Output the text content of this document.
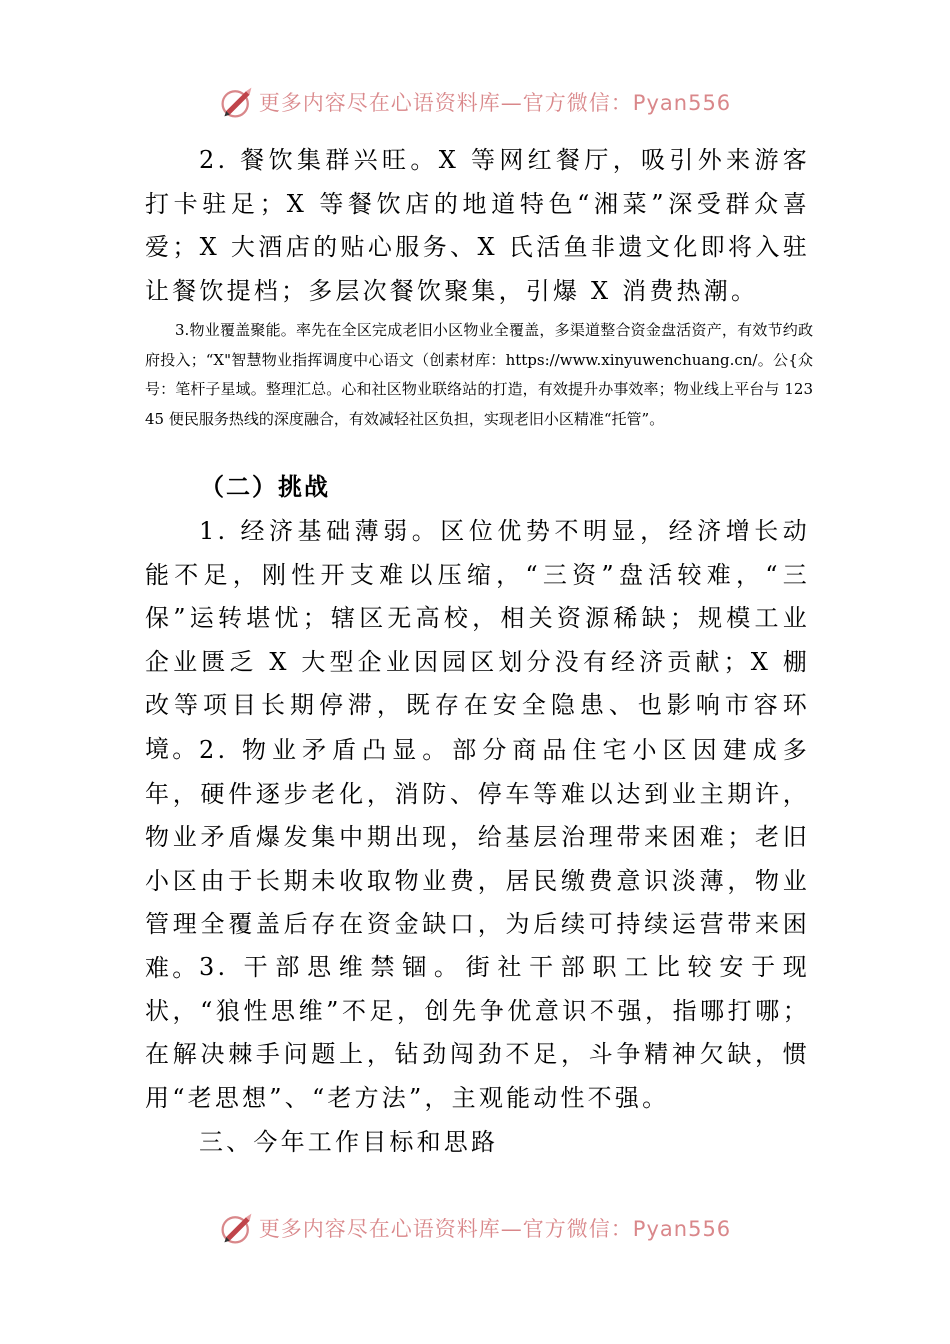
更多内容尽在心语资料库—官方微信：Pyan556

2. 餐饮集群兴旺。X 等网红餐厅，吸引外来游客打卡驻足；X 等餐饮店的地道特色“湘菜”深受群众喜爱；X 大酒店的贴心服务、X 氏活鱼非遗文化即将入驻让餐饮提档；多层次餐饮聚集，引爆 X 消费热潮。

3.物业覆盖聚能。率先在全区完成老旧小区物业全覆盖，多渠道整合资金盘活资产，有效节约政府投入；“X"智慧物业指挥调度中心语文（创素材库：https://www.xinyuwenchuang.cn/。公{众号：笔杆子星域。整理汇总。心和社区物业联络站的打造，有效提升办事效率；物业线上平台与 12345 便民服务热线的深度融合，有效减轻社区负担，实现老旧小区精准“托管”。

（二）挑战

1. 经济基础薄弱。区位优势不明显，经济增长动能不足，刚性开支难以压缩，“三资”盘活较难，“三保”运转堪忧；辖区无高校，相关资源稀缺；规模工业企业匮乏 X 大型企业因园区划分没有经济贡献；X 棚改等项目长期停滞，既存在安全隐患、也影响市容环境。 2. 物业矛盾凸显。部分商品住宅小区因建成多年，硬件逐步老化，消防、停车等难以达到业主期许，物业矛盾爆发集中期出现，给基层治理带来困难；老旧小区由于长期未收取物业费，居民缴费意识淡薄，物业管理全覆盖后存在资金缺口，为后续可持续运营带来困难。 3. 干部思维禁锢。街社干部职工比较安于现状，“狼性思维”不足，创先争优意识不强，指哪打哪；在解决棘手问题上，钻劲闯劲不足，斗争精神欠缺，惯用“老思想”、“老方法”，主观能动性不强。

三、今年工作目标和思路

更多内容尽在心语资料库—官方微信：Pyan556
